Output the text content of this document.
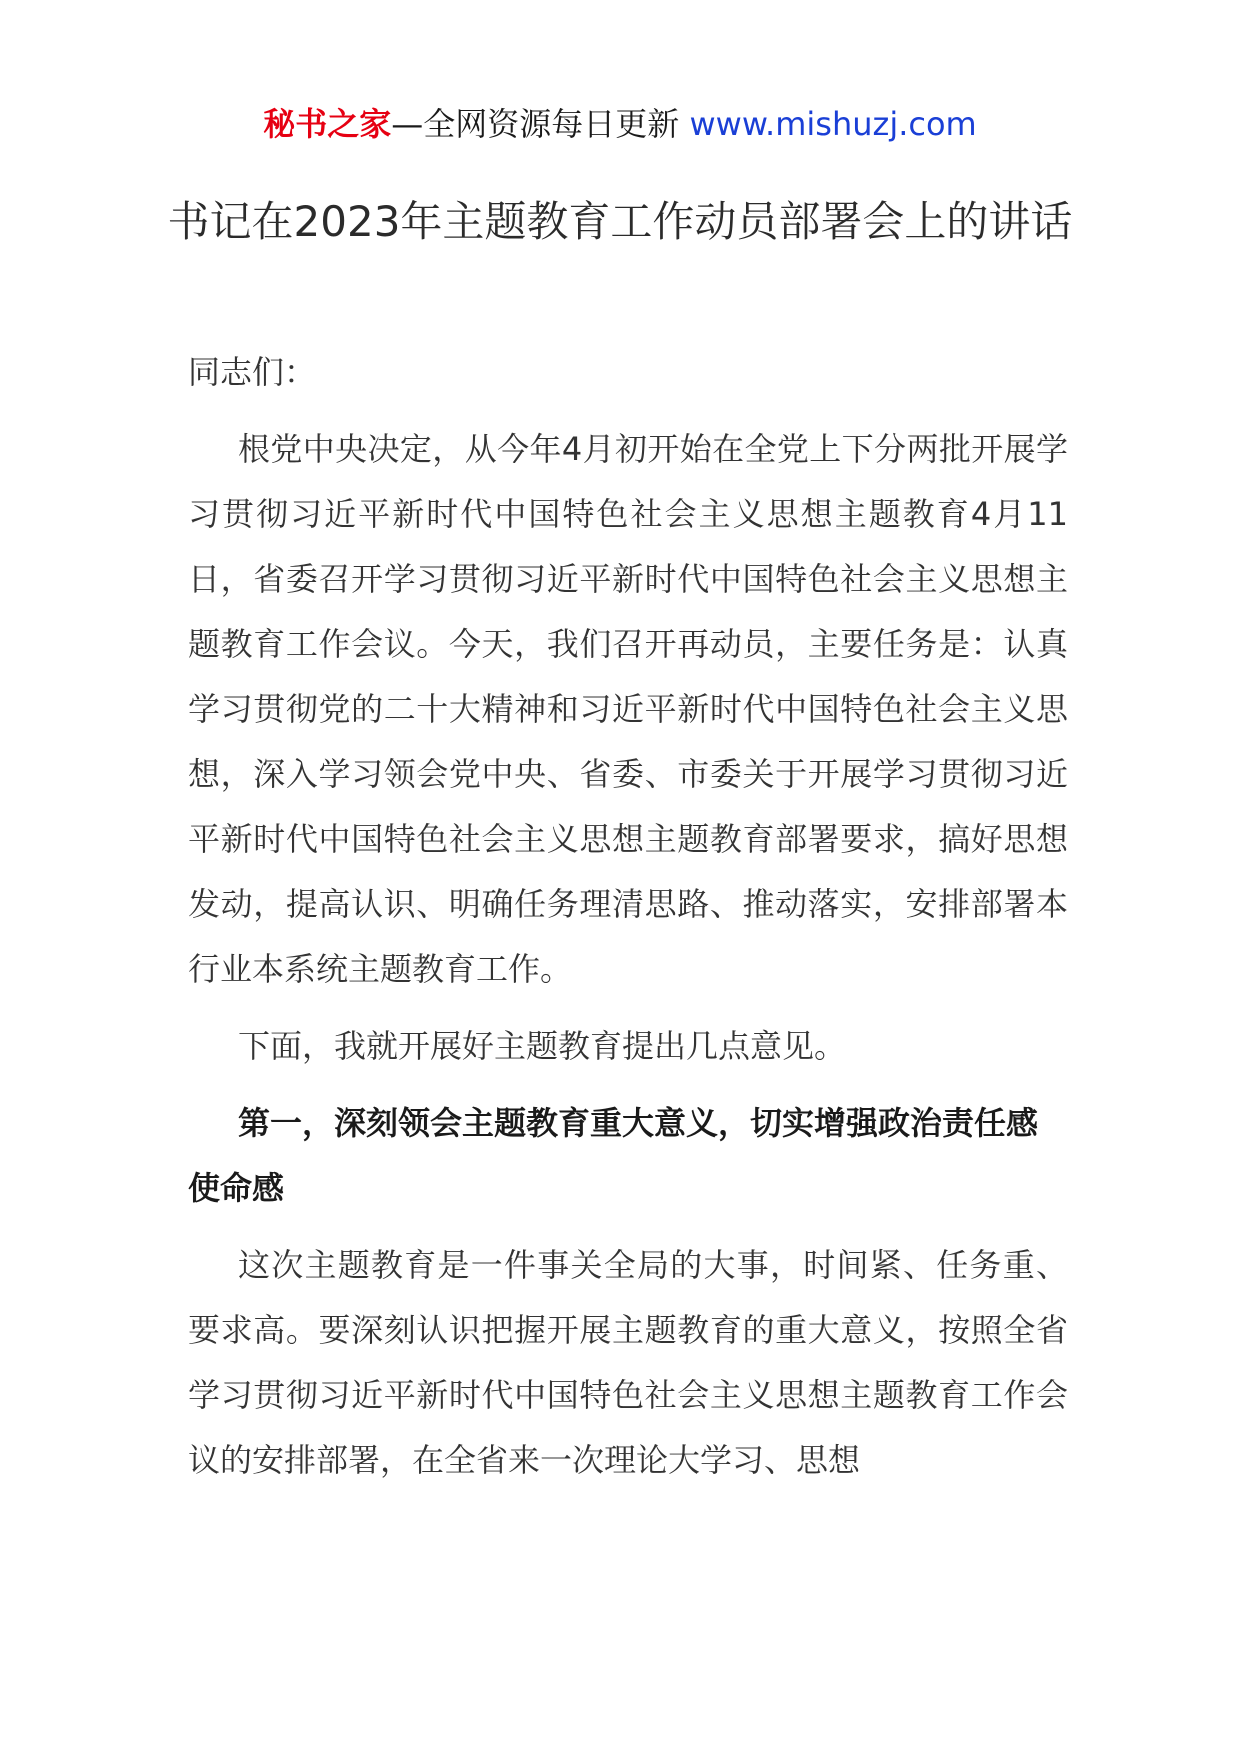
秘书之家—全网资源每日更新 www.mishuzj.com
书记在2023年主题教育工作动员部署会上的讲话

同志们：

根党中央决定，从今年4月初开始在全党上下分两批开展学习贯彻习近平新时代中国特色社会主义思想主题教育4月11日，省委召开学习贯彻习近平新时代中国特色社会主义思想主题教育工作会议。今天，我们召开再动员，主要任务是：认真学习贯彻党的二十大精神和习近平新时代中国特色社会主义思想，深入学习领会党中央、省委、市委关于开展学习贯彻习近平新时代中国特色社会主义思想主题教育部署要求，搞好思想发动，提高认识、明确任务理清思路、推动落实，安排部署本行业本系统主题教育工作。

下面，我就开展好主题教育提出几点意见。

第一，深刻领会主题教育重大意义，切实增强政治责任感使命感

这次主题教育是一件事关全局的大事，时间紧、任务重、要求高。要深刻认识把握开展主题教育的重大意义，按照全省学习贯彻习近平新时代中国特色社会主义思想主题教育工作会议的安排部署，在全省来一次理论大学习、思想
